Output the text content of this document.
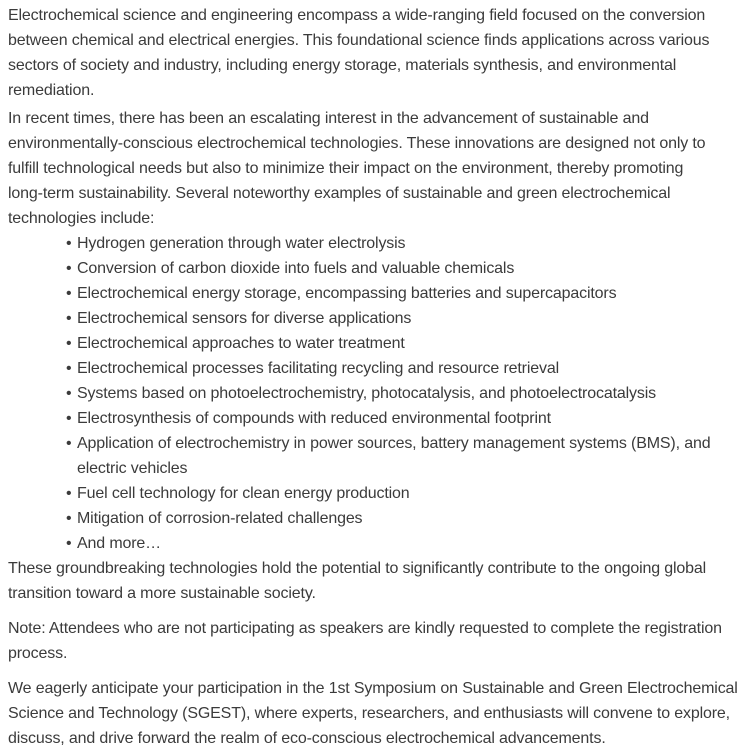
Electrochemical science and engineering encompass a wide-ranging field focused on the conversion
between chemical and electrical energies. This foundational science finds applications across various
sectors of society and industry, including energy storage, materials synthesis, and environmental
remediation.

In recent times, there has been an escalating interest in the advancement of sustainable and
environmentally-conscious electrochemical technologies. These innovations are designed not only to
fulfill technological needs but also to minimize their impact on the environment, thereby promoting
long-term sustainability. Several noteworthy examples of sustainable and green electrochemical
technologies include:

• Hydrogen generation through water electrolysis
• Conversion of carbon dioxide into fuels and valuable chemicals
• Electrochemical energy storage, encompassing batteries and supercapacitors
• Electrochemical sensors for diverse applications
• Electrochemical approaches to water treatment
• Electrochemical processes facilitating recycling and resource retrieval
• Systems based on photoelectrochemistry, photocatalysis, and photoelectrocatalysis
• Electrosynthesis of compounds with reduced environmental footprint
• Application of electrochemistry in power sources, battery management systems (BMS), and
electric vehicles
• Fuel cell technology for clean energy production
• Mitigation of corrosion-related challenges
• And more…

These groundbreaking technologies hold the potential to significantly contribute to the ongoing global
transition toward a more sustainable society.

Note: Attendees who are not participating as speakers are kindly requested to complete the registration
process.

We eagerly anticipate your participation in the 1st Symposium on Sustainable and Green Electrochemical
Science and Technology (SGEST), where experts, researchers, and enthusiasts will convene to explore,
discuss, and drive forward the realm of eco-conscious electrochemical advancements.
